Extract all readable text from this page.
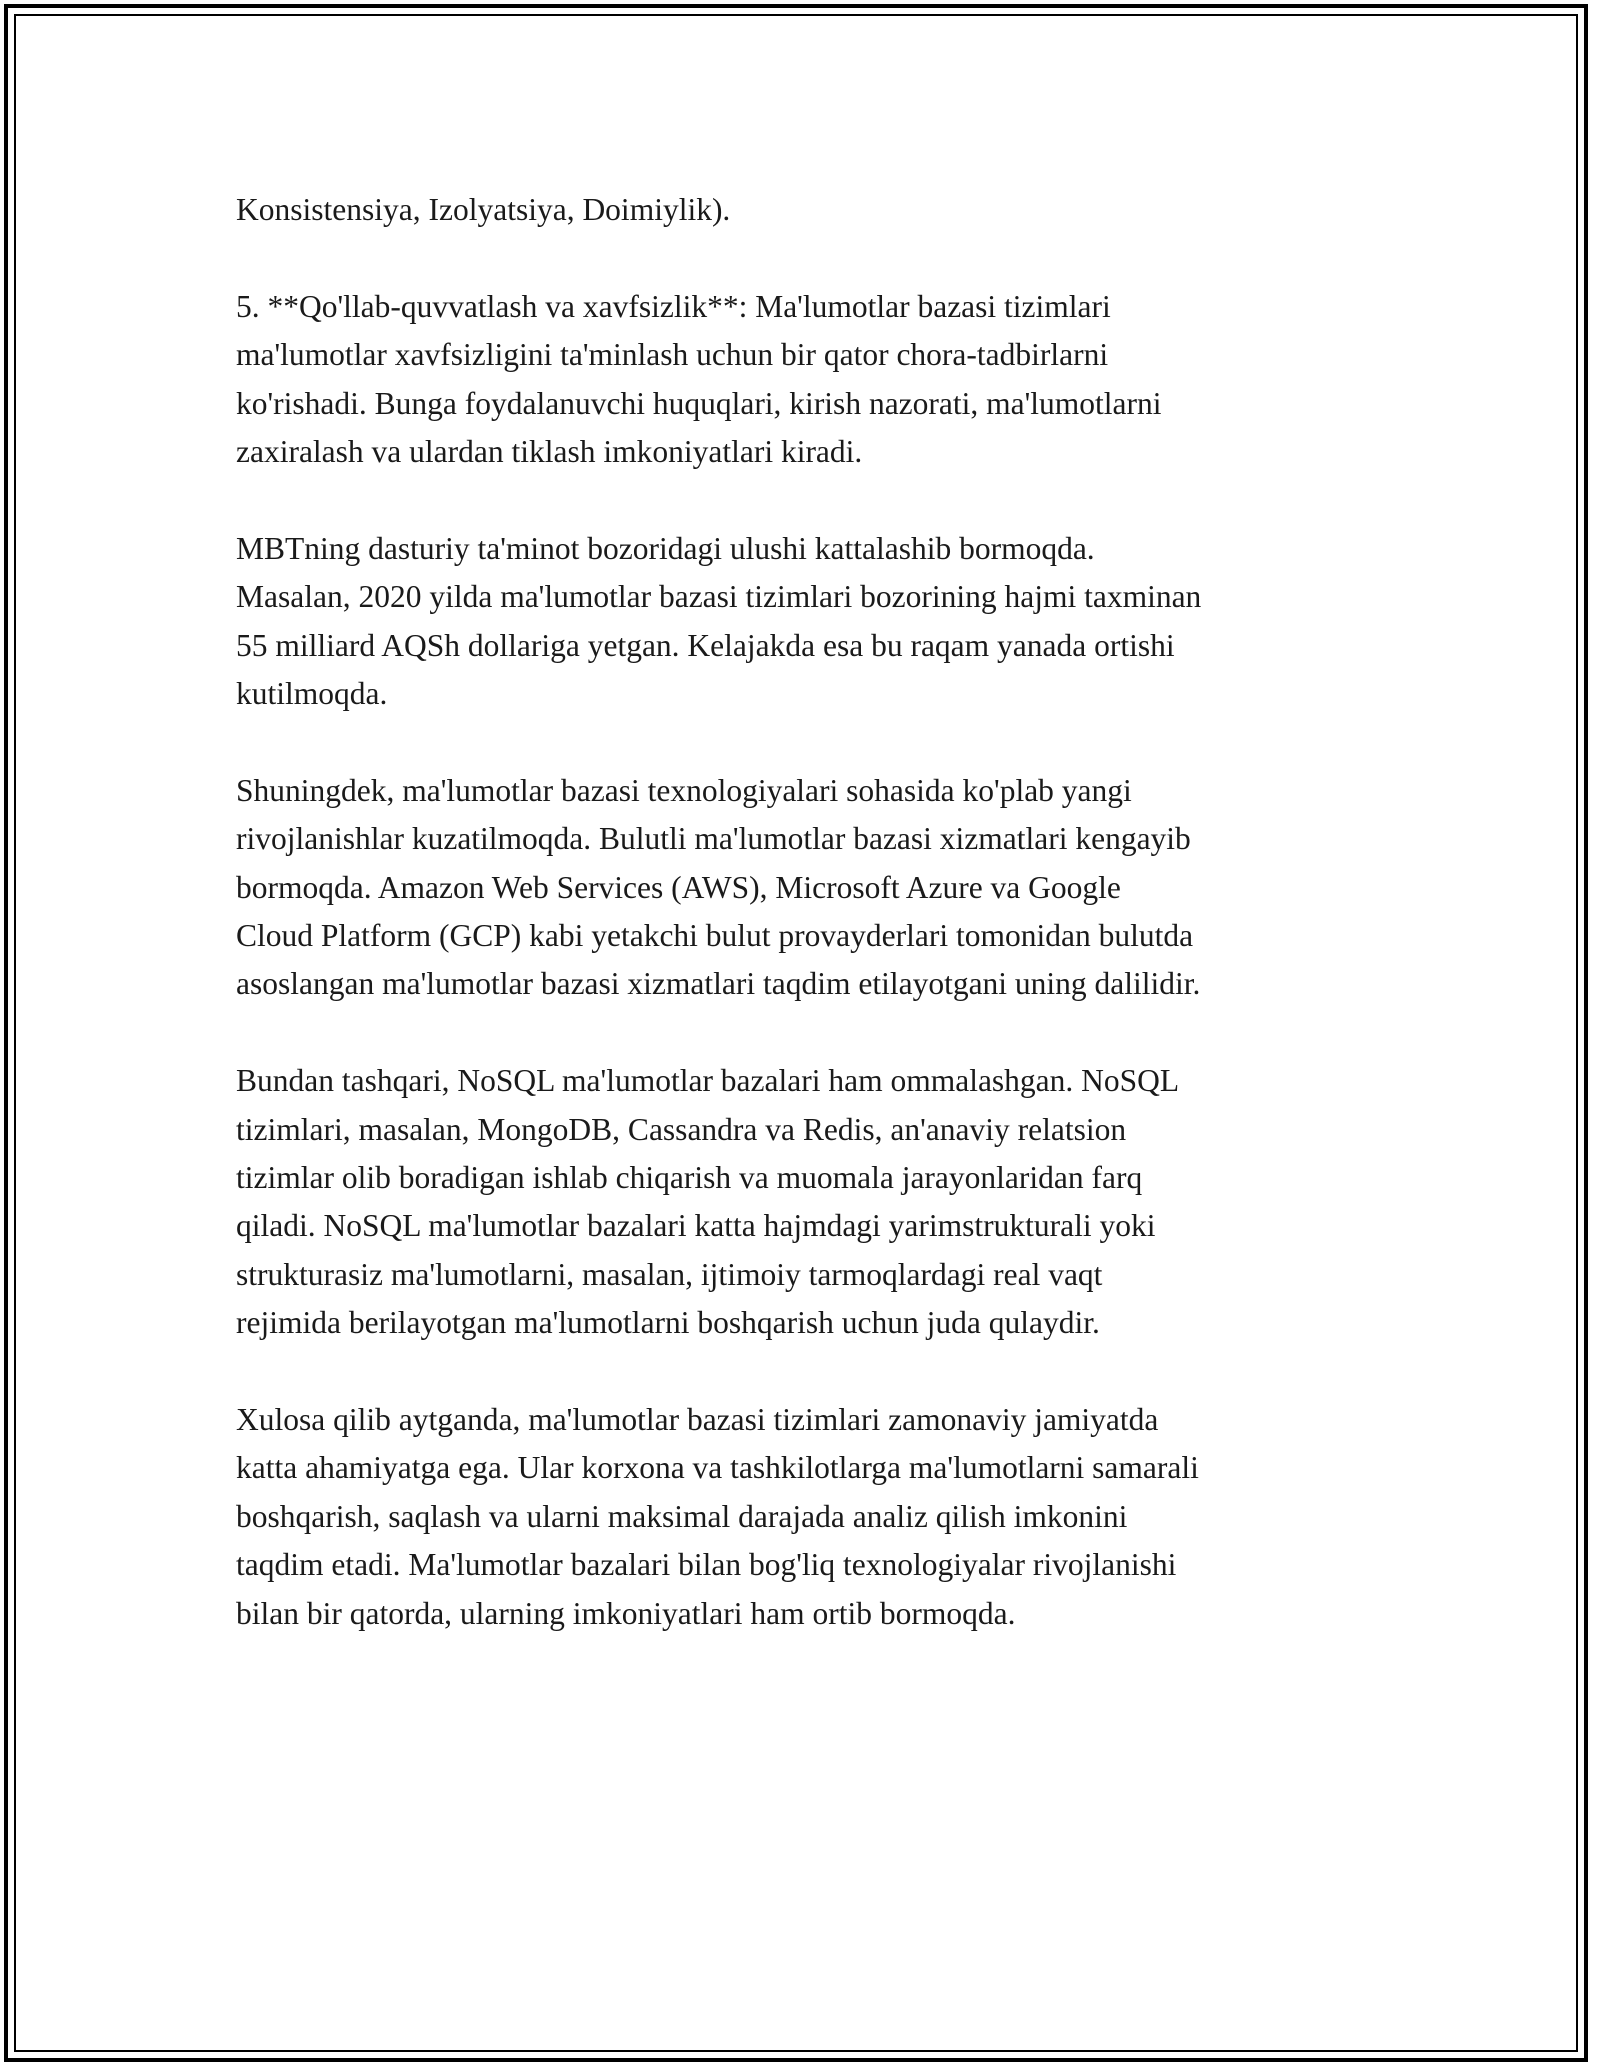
Konsistensiya, Izolyatsiya, Doimiylik).

5. **Qo'llab-quvvatlash va xavfsizlik**: Ma'lumotlar bazasi tizimlari
ma'lumotlar xavfsizligini ta'minlash uchun bir qator chora-tadbirlarni
ko'rishadi. Bunga foydalanuvchi huquqlari, kirish nazorati, ma'lumotlarni
zaxiralash va ulardan tiklash imkoniyatlari kiradi.

MBTning dasturiy ta'minot bozoridagi ulushi kattalashib bormoqda.
Masalan, 2020 yilda ma'lumotlar bazasi tizimlari bozorining hajmi taxminan
55 milliard AQSh dollariga yetgan. Kelajakda esa bu raqam yanada ortishi
kutilmoqda.

Shuningdek, ma'lumotlar bazasi texnologiyalari sohasida ko'plab yangi
rivojlanishlar kuzatilmoqda. Bulutli ma'lumotlar bazasi xizmatlari kengayib
bormoqda. Amazon Web Services (AWS), Microsoft Azure va Google
Cloud Platform (GCP) kabi yetakchi bulut provayderlari tomonidan bulutda
asoslangan ma'lumotlar bazasi xizmatlari taqdim etilayotgani uning dalilidir.

Bundan tashqari, NoSQL ma'lumotlar bazalari ham ommalashgan. NoSQL
tizimlari, masalan, MongoDB, Cassandra va Redis, an'anaviy relatsion
tizimlar olib boradigan ishlab chiqarish va muomala jarayonlaridan farq
qiladi. NoSQL ma'lumotlar bazalari katta hajmdagi yarimstrukturali yoki
strukturasiz ma'lumotlarni, masalan, ijtimoiy tarmoqlardagi real vaqt
rejimida berilayotgan ma'lumotlarni boshqarish uchun juda qulaydir.

Xulosa qilib aytganda, ma'lumotlar bazasi tizimlari zamonaviy jamiyatda
katta ahamiyatga ega. Ular korxona va tashkilotlarga ma'lumotlarni samarali
boshqarish, saqlash va ularni maksimal darajada analiz qilish imkonini
taqdim etadi. Ma'lumotlar bazalari bilan bog'liq texnologiyalar rivojlanishi
bilan bir qatorda, ularning imkoniyatlari ham ortib bormoqda.
